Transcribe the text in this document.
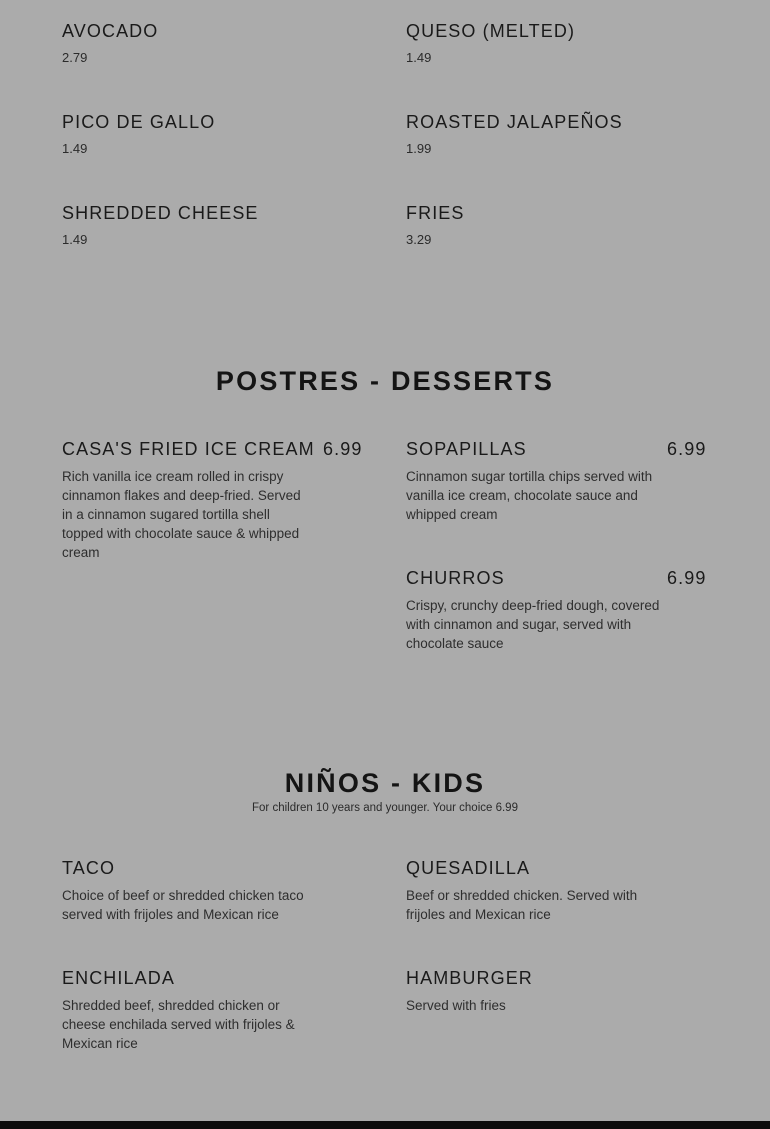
AVOCADO
2.79
QUESO (MELTED)
1.49
PICO DE GALLO
1.49
ROASTED JALAPEÑOS
1.99
SHREDDED CHEESE
1.49
FRIES
3.29
POSTRES - DESSERTS
CASA'S FRIED ICE CREAM
Rich vanilla ice cream rolled in crispy cinnamon flakes and deep-fried. Served in a cinnamon sugared tortilla shell topped with chocolate sauce & whipped cream
6.99 SOPAPILLAS
Cinnamon sugar tortilla chips served with vanilla ice cream, chocolate sauce and whipped cream
6.99
CHURROS
Crispy, crunchy deep-fried dough, covered with cinnamon and sugar, served with chocolate sauce
6.99
NIÑOS - KIDS
For children 10 years and younger. Your choice 6.99
TACO
Choice of beef or shredded chicken taco served with frijoles and Mexican rice
QUESADILLA
Beef or shredded chicken. Served with frijoles and Mexican rice
ENCHILADA
Shredded beef, shredded chicken or cheese enchilada served with frijoles & Mexican rice
HAMBURGER
Served with fries
